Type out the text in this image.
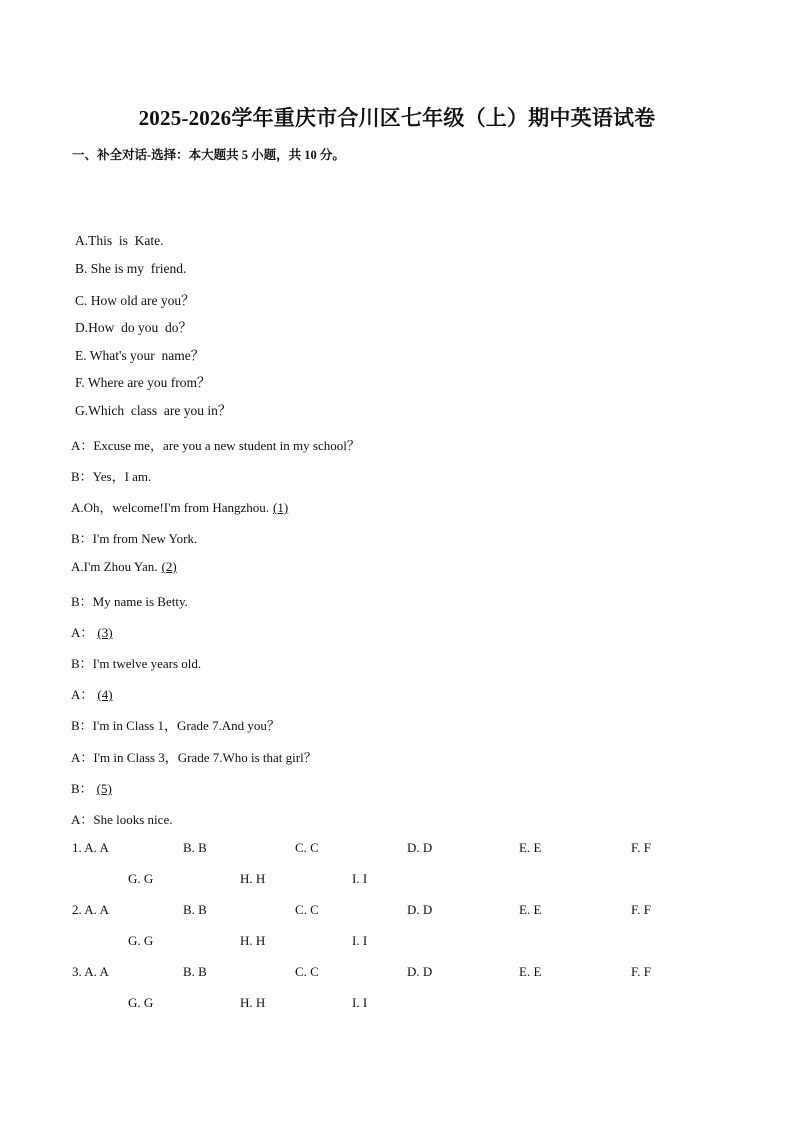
2025-2026学年重庆市合川区七年级（上）期中英语试卷
一、补全对话-选择：本大题共 5 小题，共 10 分。
A.This  is  Kate.
B. She is my  friend.
C. How old are you？
D.How  do you  do？
E. What's your  name？
F. Where are you from？
G.Which  class  are you in？
A：Excuse me，are you a new student in my school？
B：Yes，I am.
A.Oh，welcome!I'm from Hangzhou. (1)
B：I'm from New York.
A.I'm Zhou Yan. (2)
B：My name is Betty.
A： (3)
B：I'm twelve years old.
A： (4)
B：I'm in Class 1，Grade 7.And you？
A：I'm in Class 3，Grade 7.Who is that girl？
B： (5)
A：She looks nice.
1. A. A	B. B	C. C	D. D	E. E	F. F
G. G	H. H	I. I
2. A. A	B. B	C. C	D. D	E. E	F. F
G. G	H. H	I. I
3. A. A	B. B	C. C	D. D	E. E	F. F
G. G	H. H	I. I
